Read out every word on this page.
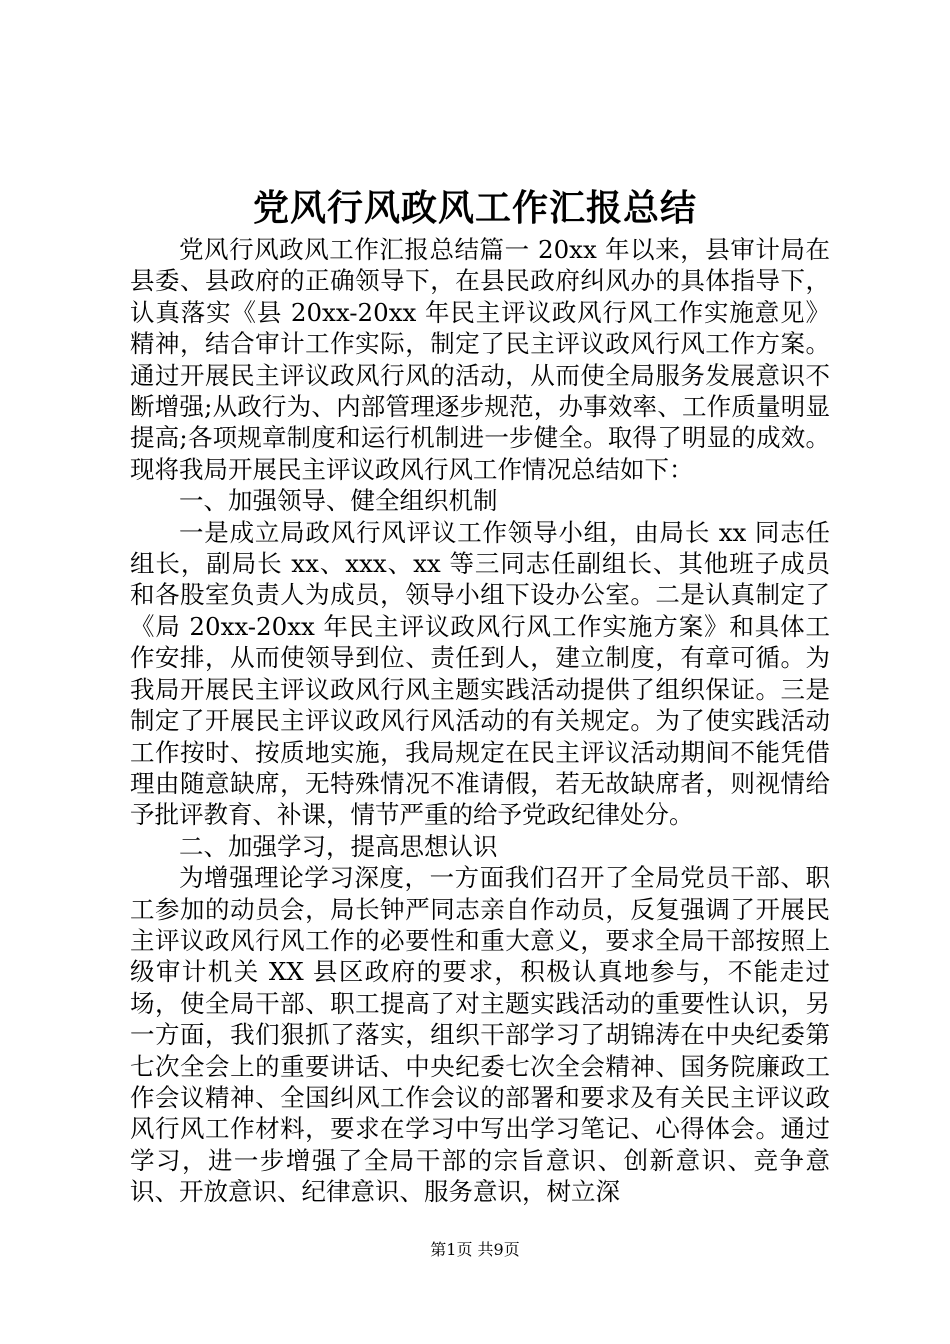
党风行风政风工作汇报总结

党风行风政风工作汇报总结篇一 20xx 年以来，县审计局在县委、县政府的正确领导下，在县民政府纠风办的具体指导下，认真落实《县 20xx-20xx 年民主评议政风行风工作实施意见》精神，结合审计工作实际，制定了民主评议政风行风工作方案。通过开展民主评议政风行风的活动，从而使全局服务发展意识不断增强;从政行为、内部管理逐步规范，办事效率、工作质量明显提高;各项规章制度和运行机制进一步健全。取得了明显的成效。现将我局开展民主评议政风行风工作情况总结如下：

一、加强领导、健全组织机制

一是成立局政风行风评议工作领导小组，由局长 xx 同志任组长，副局长 xx、xxx、xx 等三同志任副组长、其他班子成员和各股室负责人为成员，领导小组下设办公室。二是认真制定了《局 20xx-20xx 年民主评议政风行风工作实施方案》和具体工作安排，从而使领导到位、责任到人，建立制度，有章可循。为我局开展民主评议政风行风主题实践活动提供了组织保证。三是制定了开展民主评议政风行风活动的有关规定。为了使实践活动工作按时、按质地实施，我局规定在民主评议活动期间不能凭借理由随意缺席，无特殊情况不准请假，若无故缺席者，则视情给予批评教育、补课，情节严重的给予党政纪律处分。

二、加强学习，提高思想认识

为增强理论学习深度，一方面我们召开了全局党员干部、职工参加的动员会，局长钟严同志亲自作动员，反复强调了开展民主评议政风行风工作的必要性和重大意义，要求全局干部按照上级审计机关 XX 县区政府的要求，积极认真地参与，不能走过场，使全局干部、职工提高了对主题实践活动的重要性认识，另一方面，我们狠抓了落实，组织干部学习了胡锦涛在中央纪委第七次全会上的重要讲话、中央纪委七次全会精神、国务院廉政工作会议精神、全国纠风工作会议的部署和要求及有关民主评议政风行风工作材料，要求在学习中写出学习笔记、心得体会。通过学习，进一步增强了全局干部的宗旨意识、创新意识、竞争意识、开放意识、纪律意识、服务意识，树立深

第1页 共9页
